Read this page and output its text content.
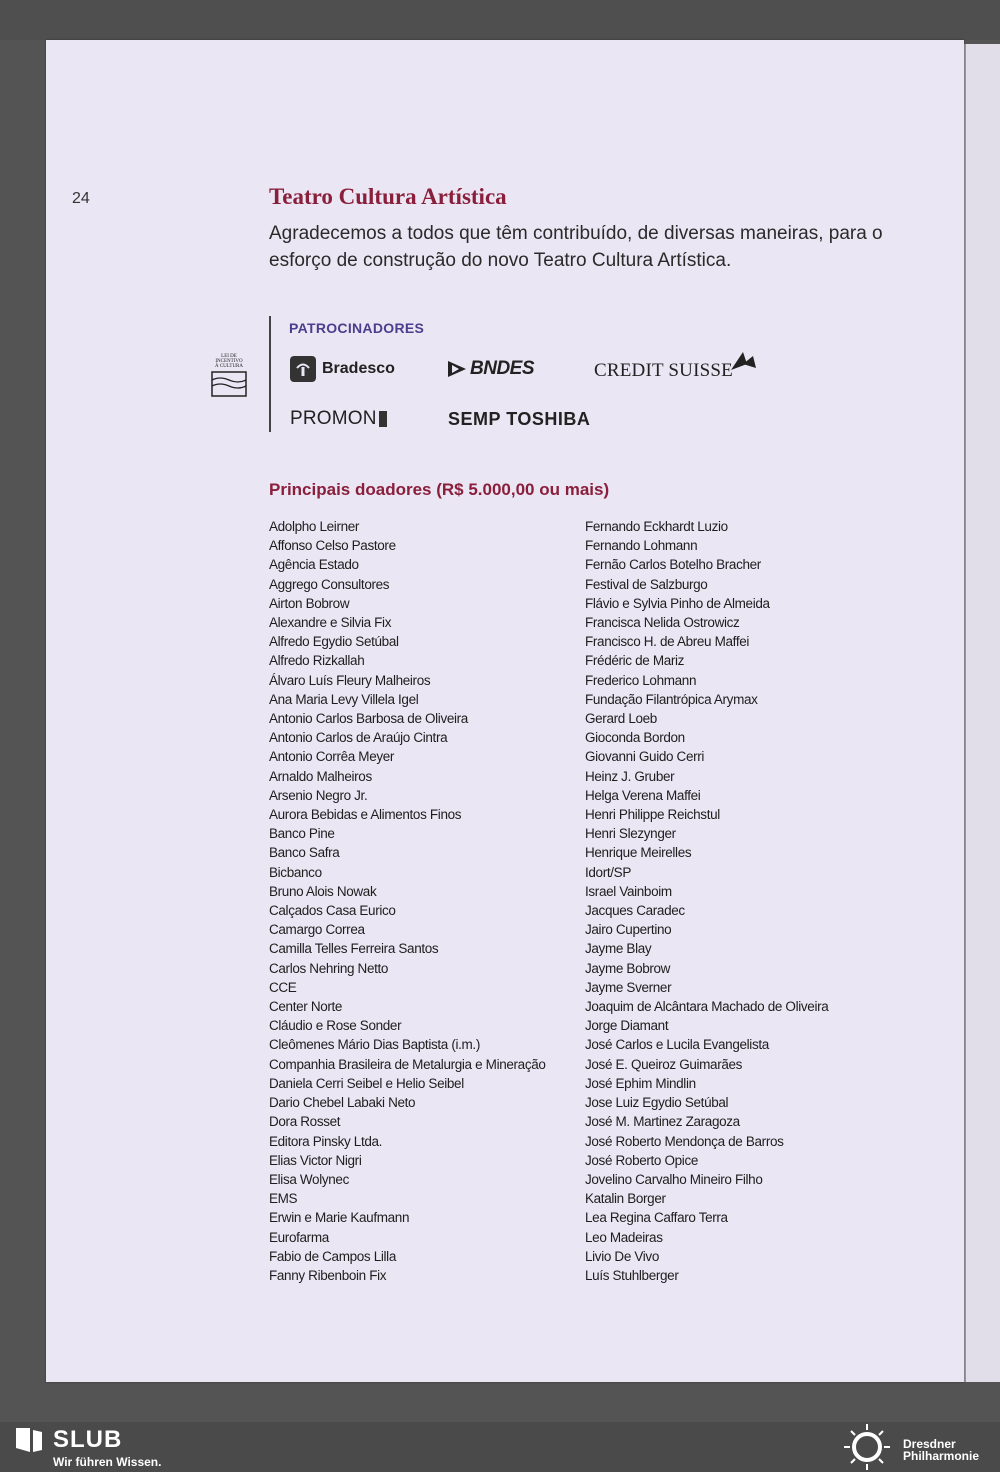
24	Teatro Cultura Artística
Agradecemos a todos que têm contribuído, de diversas maneiras, para o esforço de construção do novo Teatro Cultura Artística.
LEI DE
INCENTIVO
À CULTURA
PATROCINADORES
Bradesco	BNDES	CREDIT SUISSE
PROMON	SEMP TOSHIBA
Principais doadores (R$ 5.000,00 ou mais)
Adolpho Leirner
Affonso Celso Pastore
Agência Estado
Aggrego Consultores
Airton Bobrow
Alexandre e Silvia Fix
Alfredo Egydio Setúbal
Alfredo Rizkallah
Álvaro Luís Fleury Malheiros
Ana Maria Levy Villela Igel
Antonio Carlos Barbosa de Oliveira
Antonio Carlos de Araújo Cintra
Antonio Corrêa Meyer
Arnaldo Malheiros
Arsenio Negro Jr.
Aurora Bebidas e Alimentos Finos
Banco Pine
Banco Safra
Bicbanco
Bruno Alois Nowak
Calçados Casa Eurico
Camargo Correa
Camilla Telles Ferreira Santos
Carlos Nehring Netto
CCE
Center Norte
Cláudio e Rose Sonder
Cleômenes Mário Dias Baptista (i.m.)
Companhia Brasileira de Metalurgia e Mineração
Daniela Cerri Seibel e Helio Seibel
Dario Chebel Labaki Neto
Dora Rosset
Editora Pinsky Ltda.
Elias Victor Nigri
Elisa Wolynec
EMS
Erwin e Marie Kaufmann
Eurofarma
Fabio de Campos Lilla
Fanny Ribenboin Fix
Fernando Eckhardt Luzio
Fernando Lohmann
Fernão Carlos Botelho Bracher
Festival de Salzburgo
Flávio e Sylvia Pinho de Almeida
Francisca Nelida Ostrowicz
Francisco H. de Abreu Maffei
Frédéric de Mariz
Frederico Lohmann
Fundação Filantrópica Arymax
Gerard Loeb
Gioconda Bordon
Giovanni Guido Cerri
Heinz J. Gruber
Helga Verena Maffei
Henri Philippe Reichstul
Henri Slezynger
Henrique Meirelles
Idort/SP
Israel Vainboim
Jacques Caradec
Jairo Cupertino
Jayme Blay
Jayme Bobrow
Jayme Sverner
Joaquim de Alcântara Machado de Oliveira
Jorge Diamant
José Carlos e Lucila Evangelista
José E. Queiroz Guimarães
José Ephim Mindlin
Jose Luiz Egydio Setúbal
José M. Martinez Zaragoza
José Roberto Mendonça de Barros
José Roberto Opice
Jovelino Carvalho Mineiro Filho
Katalin Borger
Lea Regina Caffaro Terra
Leo Madeiras
Livio De Vivo
Luís Stuhlberger
SLUB
Wir führen Wissen.
Dresdner
Philharmonie
